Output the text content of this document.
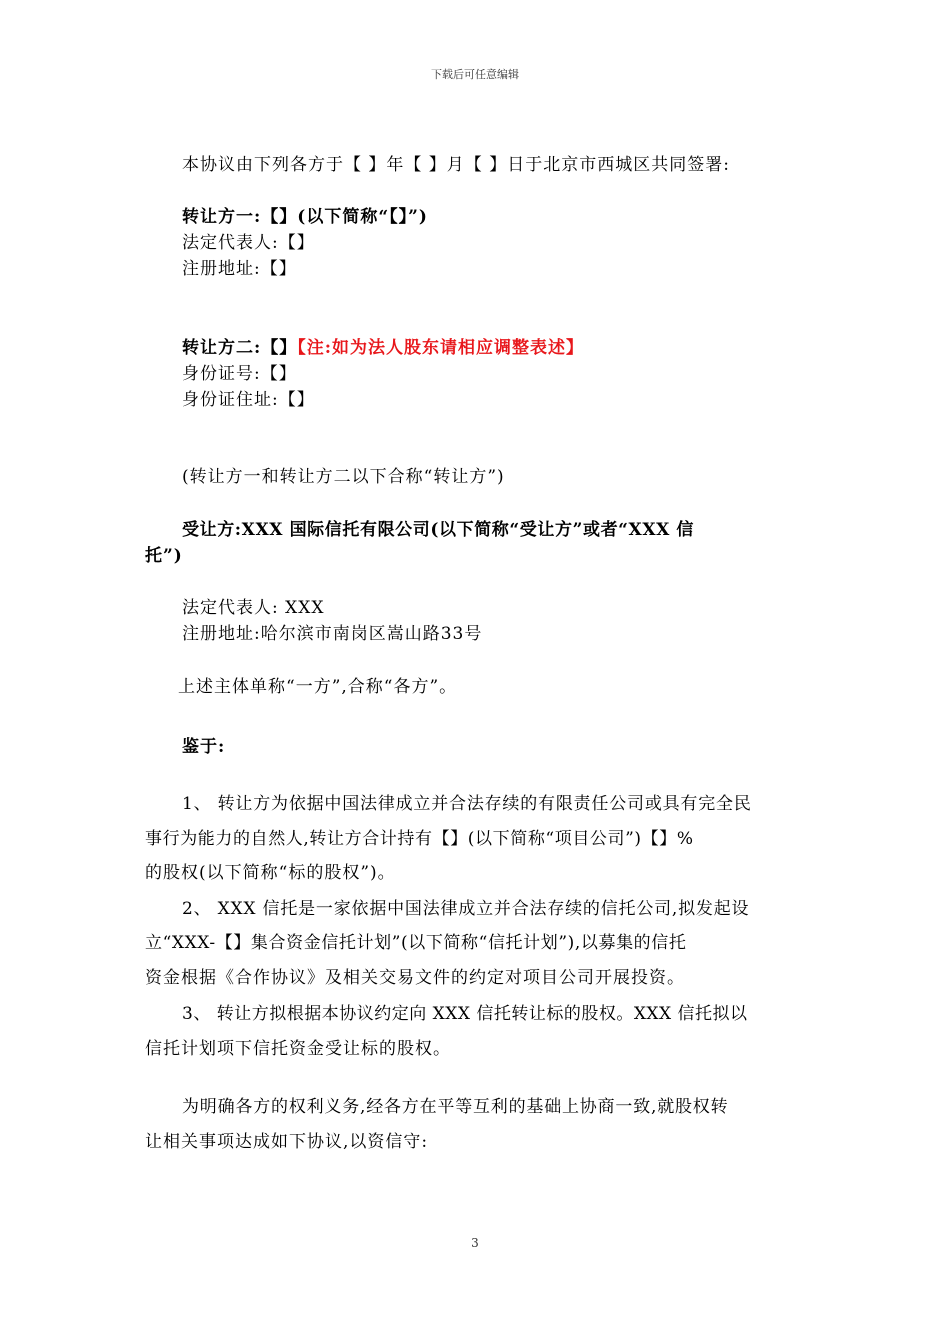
下载后可任意编辑
本协议由下列各方于【 】年【 】月【 】日于北京市西城区共同签署:
转让方一:【】(以下简称“【】”)
法定代表人:【】
注册地址:【】
转让方二:【】【注:如为法人股东请相应调整表述】
身份证号:【】
身份证住址:【】
(转让方一和转让方二以下合称“转让方”)
受让方:XXX 国际信托有限公司(以下简称“受让方”或者“XXX 信
托”)
法定代表人: XXX
注册地址:哈尔滨市南岗区嵩山路33号
上述主体单称“一方”,合称“各方”。
鉴于:
1、 转让方为依据中国法律成立并合法存续的有限责任公司或具有完全民
事行为能力的自然人,转让方合计持有【】(以下简称“项目公司”)【】%
的股权(以下简称“标的股权”)。
2、 XXX 信托是一家依据中国法律成立并合法存续的信托公司,拟发起设
立“XXX-【】集合资金信托计划”(以下简称“信托计划”),以募集的信托
资金根据《合作协议》及相关交易文件的约定对项目公司开展投资。
3、 转让方拟根据本协议约定向 XXX 信托转让标的股权。XXX 信托拟以
信托计划项下信托资金受让标的股权。
为明确各方的权利义务,经各方在平等互利的基础上协商一致,就股权转
让相关事项达成如下协议,以资信守:
3
